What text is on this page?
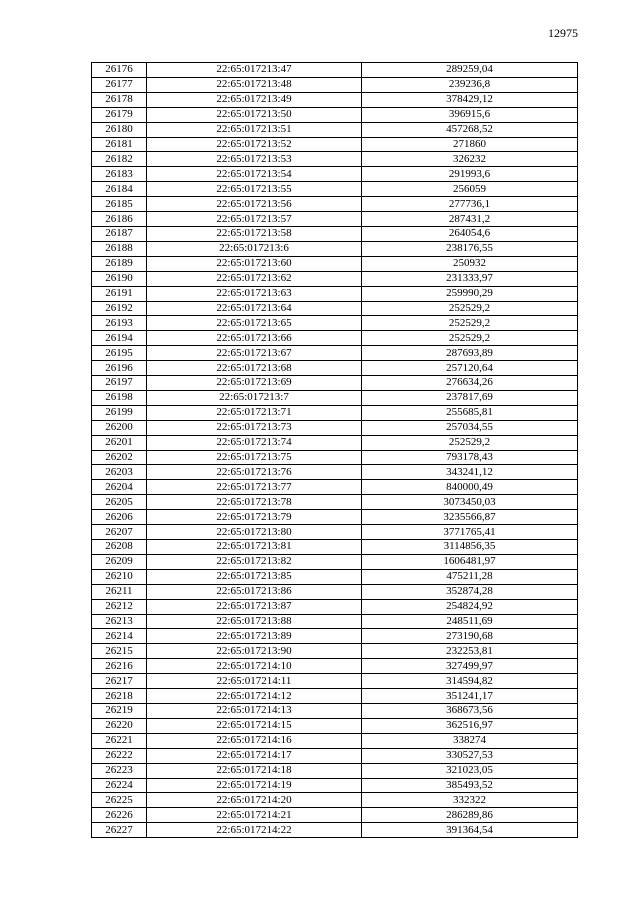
12975
26176	22:65:017213:47	289259,04
26177	22:65:017213:48	239236,8
26178	22:65:017213:49	378429,12
26179	22:65:017213:50	396915,6
26180	22:65:017213:51	457268,52
26181	22:65:017213:52	271860
26182	22:65:017213:53	326232
26183	22:65:017213:54	291993,6
26184	22:65:017213:55	256059
26185	22:65:017213:56	277736,1
26186	22:65:017213:57	287431,2
26187	22:65:017213:58	264054,6
26188	22:65:017213:6	238176,55
26189	22:65:017213:60	250932
26190	22:65:017213:62	231333,97
26191	22:65:017213:63	259990,29
26192	22:65:017213:64	252529,2
26193	22:65:017213:65	252529,2
26194	22:65:017213:66	252529,2
26195	22:65:017213:67	287693,89
26196	22:65:017213:68	257120,64
26197	22:65:017213:69	276634,26
26198	22:65:017213:7	237817,69
26199	22:65:017213:71	255685,81
26200	22:65:017213:73	257034,55
26201	22:65:017213:74	252529,2
26202	22:65:017213:75	793178,43
26203	22:65:017213:76	343241,12
26204	22:65:017213:77	840000,49
26205	22:65:017213:78	3073450,03
26206	22:65:017213:79	3235566,87
26207	22:65:017213:80	3771765,41
26208	22:65:017213:81	3114856,35
26209	22:65:017213:82	1606481,97
26210	22:65:017213:85	475211,28
26211	22:65:017213:86	352874,28
26212	22:65:017213:87	254824,92
26213	22:65:017213:88	248511,69
26214	22:65:017213:89	273190,68
26215	22:65:017213:90	232253,81
26216	22:65:017214:10	327499,97
26217	22:65:017214:11	314594,82
26218	22:65:017214:12	351241,17
26219	22:65:017214:13	368673,56
26220	22:65:017214:15	362516,97
26221	22:65:017214:16	338274
26222	22:65:017214:17	330527,53
26223	22:65:017214:18	321023,05
26224	22:65:017214:19	385493,52
26225	22:65:017214:20	332322
26226	22:65:017214:21	286289,86
26227	22:65:017214:22	391364,54
